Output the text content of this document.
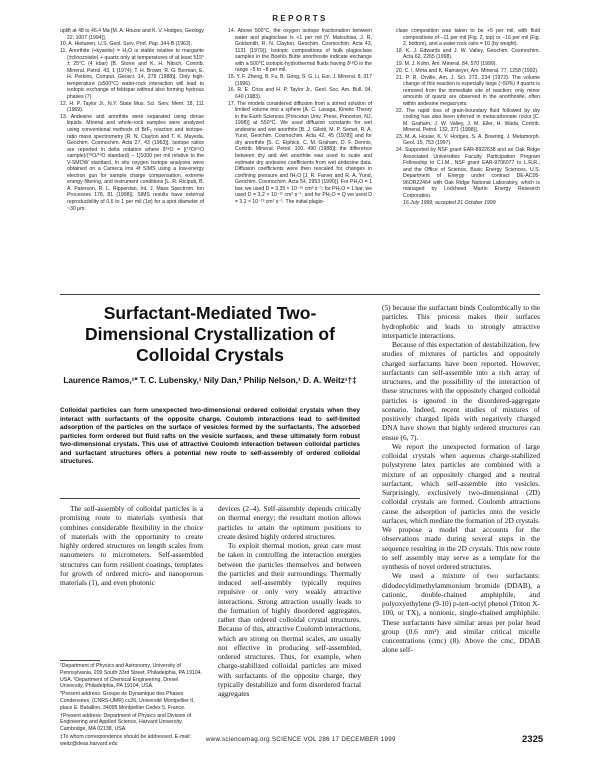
REPORTS

uplift at 48 to 46.4 Ma [M. A. House and K. V. Hodges, Geology 22, 1007 (1994)].

10. A. Hietanen, U.S. Geol. Surv. Prof. Pap. 344-B (1963).

11. Anorthite (+kyanite) = H₂O is stable relative to margarite (±clinozoisite) + quartz only at temperatures of at least 515° ± 25°C (4 kbar) [B. Storre and K. H. Nitsch, Contrib. Mineral. Petrol. 43, 1 (1974); T. H. Brown, R. G. Berman, E. H. Perkins, Comput. Geosci. 14, 279 (1988)]. Only high-temperature (≥500°C) water-rock interaction will lead to isotopic exchange of feldspar without also forming hydrous phases (7).

12. H. P. Taylor Jr., N.Y. State Mus. Sci. Serv. Mem. 18, 111 (1969).

13. Andesine and anorthite were separated using dense liquids. Mineral and whole-rock samples were analyzed using conventional methods of BrF₅ reaction and isotope-ratio mass spectrometry [R. N. Clayton and T. K. Mayeda, Geochim. Cosmochim. Acta 27, 43 (1963)]. Isotope ratios are reported in delta notation where δ¹⁸O = [(¹⁸O/¹⁶O sample)/(¹⁸O/¹⁶O standard) − 1]1000 per mil relative to the V-SMOW standard. In situ oxygen isotope analyses were obtained on a Cameca ims 4f SIMS using a low-energy electron gun for sample charge compensation, extreme energy filtering, and instrument conditions [L. R. Riciputi, B. A. Paterson, R. L. Ripperdan, Int. J. Mass Spectrom. Ion Processes 178, 81 (1998)]. SIMS results have external reproducibility of 0.6 to 1 per mil (1σ) for a spot diameter of ~30 μm.

14. Above 500°C, the oxygen isotope fractionation between water and plagioclase is <1 per mil [Y. Matsuhisa, J. R. Goldsmith, R. N. Clayton, Geochim. Cosmochim. Acta 43, 1131 (1979)]. Isotopic compositions of bulk plagioclase samples in the Boehls Butte anorthosite indicate exchange with a 500°C isotopic-hydrothermal fluids having δ¹⁸O in the range −5 to −8 per mil.

15. Y. F. Zheng, B. Fu, B. Gong, S. G. Li, Eur. J. Mineral. 8, 317 (1996).

16. R. E. Criss and H. P. Taylor Jr., Geol. Soc. Am. Bull. 94, 640 (1983).

17. The models considered diffusion from a stirred solution of limited volume into a sphere [A. C. Lasaga, Kinetic Theory in the Earth Sciences (Princeton Univ. Press, Princeton, NJ, 1998)] at 550°C. We used diffusion constants for wet andesine and wet anorthite [B. J. Giletti, M. P. Semet, R. A. Yund, Geochim. Cosmochim. Acta 42, 45 (1978)] and for dry anorthite [S. C. Elphick, C. M. Graham, D. F. Dennis, Contrib. Mineral. Petrol. 100, 490 (1988)]; the difference between dry and wet anorthite was used to scale and estimate dry andesine coefficients from wet andesine data. Diffusion coefficients were then rescaled for changes in confining pressure and fH₂O [J. R. Farver and R. A. Yund, Geochim. Cosmochim. Acta 54, 2953 (1990)]. For PH₂O = 1 bar, we used D = 3.35 × 10⁻¹⁶ cm² s⁻¹; for PH₂O = 1 bar, we used D = 3.2 × 10⁻¹¹ cm² s⁻¹; and for PH₂O = Q we used D = 3.2 × 10⁻¹³ cm² s⁻¹. The initial plagio-

clase composition was taken to be +5 per mil, with fluid compositions of −11 per mil (Fig. 2, top) or −16 per mil (Fig. 2, bottom), and a water:rock ratio = 10 (by weight).

18. K. J. Edwards and J. W. Valley, Geochim. Cosmochim. Acta 62, 2265 (1998).

19. M. J. Kohn, Am. Mineral. 84, 570 (1999).

20. C. I. Mora and K. Ramseyer, Am. Mineral. 77, 1258 (1992).

21. P. R. Orville, Am. J. Sci. 272, 234 (1972). The volume change of this reaction is especially large (~50%) if quartz is removed from the immediate site of reaction; only minor amounts of quartz are observed in the anorthosite, often within andesine megacrysts.

22. The rapid loss of grain-boundary fluid followed by dry cooling has also been inferred in metacarbonate rocks [C. M. Graham, J. W. Valley, J. M. Eiler, H. Wada, Contrib. Mineral. Petrol. 132, 371 (1998)].

23. M. A. House, K. V. Hodges, S. A. Bowring, J. Metamorph. Geol. 15, 753 (1997).

24. Supported by NSF grant EAR-8922638 and an Oak Ridge Associated Universities Faculty Participation Program Fellowship to C.I.M., NSF grant EAR-9706077 to L.R.R., and the Office of Science, Basic Energy Sciences, U.S. Department of Energy under contract DE-AC05-96OR22464 with Oak Ridge National Laboratory, which is managed by Lockheed Martin Energy Research Corporation.

16 July 1999; accepted 21 October 1999

Surfactant-Mediated Two-Dimensional Crystallization of Colloidal Crystals
Laurence Ramos,¹* T. C. Lubensky,¹ Nily Dan,² Philip Nelson,¹ D. A. Weitz¹†‡
Colloidal particles can form unexpected two-dimensional ordered colloidal crystals when they interact with surfactants of the opposite charge. Coulomb interactions lead to self-limited adsorption of the particles on the surface of vesicles formed by the surfactants. The adsorbed particles form ordered but fluid rafts on the vesicle surfaces, and these ultimately form robust two-dimensional crystals. This use of attractive Coulomb interaction between colloidal particles and surfactant structures offers a potential new route to self-assembly of ordered colloidal structures.

The self-assembly of colloidal particles is a promising route to materials synthesis that combines considerable flexibility in the choice of materials with the opportunity to create highly ordered structures on length scales from nanometers to micrometers. Self-assembled structures can form resilient coatings, templates for growth of ordered micro- and nanoporous materials (1), and even photonic

¹Department of Physics and Astronomy, University of Pennsylvania, 209 South 33rd Street, Philadelphia, PA 19104, USA. ²Department of Chemical Engineering, Drexel University, Philadelphia, PA 19104, USA.

*Present address: Groupe de Dynamique des Phases Condensées, (CNRS-UMR) cc26, Université Montpellier II, place E. Bataillon, 34095 Montpellier Cedex 5, France.

†Present address: Department of Physics and Division of Engineering and Applied Science, Harvard University, Cambridge, MA 02138, USA.

‡To whom correspondence should be addressed. E-mail: weitz@deas.harvard.edu

devices (2–4). Self-assembly depends critically on thermal energy; the resultant motion allows particles to attain the optimum positions to create desired highly ordered structures.

To exploit thermal motion, great care must be taken in controlling the interaction energies between the particles themselves and between the particles and their surroundings. Thermally induced self-assembly typically requires repulsive or only very weakly attractive interactions. Strong attraction usually leads to the formation of highly disordered aggregates, rather than ordered colloidal crystal structures. Because of this, attractive Coulomb interactions, which are strong on thermal scales, are usually not effective in producing self-assembled, ordered structures. Thus, for example, when charge-stabilized colloidal particles are mixed with surfactants of the opposite charge, they typically destabilize and form disordered fractal aggregates

(5) because the surfactant binds Coulombically to the particles. This process makes their surfaces hydrophobic and leads to strongly attractive interparticle interactions.

Because of this expectation of destabilization, few studies of mixtures of particles and oppositely charged surfactants have been reported. However, surfactants can self-assemble into a rich array of structures, and the possibility of the interaction of these structures with the oppositely charged colloidal particles is ignored in the disordered-aggregate scenario. Indeed, recent studies of mixtures of positively charged lipids with negatively charged DNA have shown that highly ordered structures can ensue (6, 7).

We report the unexpected formation of large colloidal crystals when aqueous charge-stabilized polystyrene latex particles are combined with a mixture of an oppositely charged and a neutral surfactant, which self-assemble into vesicles. Surprisingly, exclusively two-dimensional (2D) colloidal crystals are formed. Coulomb attractions cause the adsorption of particles onto the vesicle surfaces, which mediate the formation of 2D crystals. We propose a model that accounts for the observations made during several steps in the sequence resulting in the 2D crystals. This new route to self assembly may serve as a template for the synthesis of novel ordered structures.

We used a mixture of two surfactants: didodecyldimethylammonium bromide (DDAB), a cationic, double-chained amphiphile, and polyoxyethylene (9-10) p-tert-octyl phenol (Triton X-100, or TX), a nonionic, single-chained amphiphile. These surfactants have similar areas per polar head group (0.6 nm²) and similar critical micelle concentrations (cmc) (8). Above the cmc, DDAB alone self-

www.sciencemag.org SCIENCE VOL 286 17 DECEMBER 1999	2325
